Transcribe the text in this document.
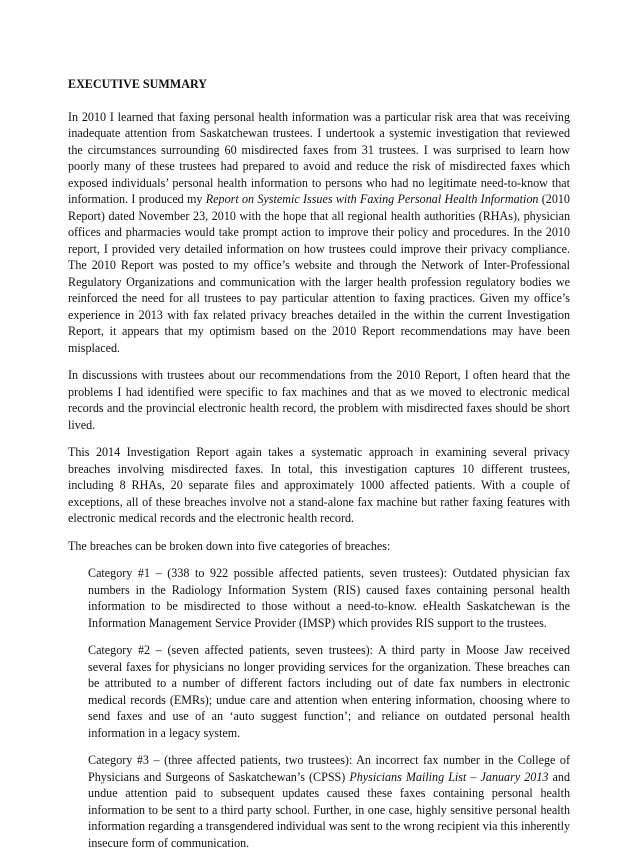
EXECUTIVE SUMMARY

In 2010 I learned that faxing personal health information was a particular risk area that was receiving inadequate attention from Saskatchewan trustees. I undertook a systemic investigation that reviewed the circumstances surrounding 60 misdirected faxes from 31 trustees. I was surprised to learn how poorly many of these trustees had prepared to avoid and reduce the risk of misdirected faxes which exposed individuals’ personal health information to persons who had no legitimate need-to-know that information. I produced my Report on Systemic Issues with Faxing Personal Health Information (2010 Report) dated November 23, 2010 with the hope that all regional health authorities (RHAs), physician offices and pharmacies would take prompt action to improve their policy and procedures. In the 2010 report, I provided very detailed information on how trustees could improve their privacy compliance. The 2010 Report was posted to my office’s website and through the Network of Inter-Professional Regulatory Organizations and communication with the larger health profession regulatory bodies we reinforced the need for all trustees to pay particular attention to faxing practices. Given my office’s experience in 2013 with fax related privacy breaches detailed in the within the current Investigation Report, it appears that my optimism based on the 2010 Report recommendations may have been misplaced.

In discussions with trustees about our recommendations from the 2010 Report, I often heard that the problems I had identified were specific to fax machines and that as we moved to electronic medical records and the provincial electronic health record, the problem with misdirected faxes should be short lived.

This 2014 Investigation Report again takes a systematic approach in examining several privacy breaches involving misdirected faxes. In total, this investigation captures 10 different trustees, including 8 RHAs, 20 separate files and approximately 1000 affected patients. With a couple of exceptions, all of these breaches involve not a stand-alone fax machine but rather faxing features with electronic medical records and the electronic health record.

The breaches can be broken down into five categories of breaches:

Category #1 – (338 to 922 possible affected patients, seven trustees): Outdated physician fax numbers in the Radiology Information System (RIS) caused faxes containing personal health information to be misdirected to those without a need-to-know. eHealth Saskatchewan is the Information Management Service Provider (IMSP) which provides RIS support to the trustees.
Category #2 – (seven affected patients, seven trustees): A third party in Moose Jaw received several faxes for physicians no longer providing services for the organization. These breaches can be attributed to a number of different factors including out of date fax numbers in electronic medical records (EMRs); undue care and attention when entering information, choosing where to send faxes and use of an ‘auto suggest function’; and reliance on outdated personal health information in a legacy system.
Category #3 – (three affected patients, two trustees): An incorrect fax number in the College of Physicians and Surgeons of Saskatchewan’s (CPSS) Physicians Mailing List – January 2013 and undue attention paid to subsequent updates caused these faxes containing personal health information to be sent to a third party school. Further, in one case, highly sensitive personal health information regarding a transgendered individual was sent to the wrong recipient via this inherently insecure form of communication.
